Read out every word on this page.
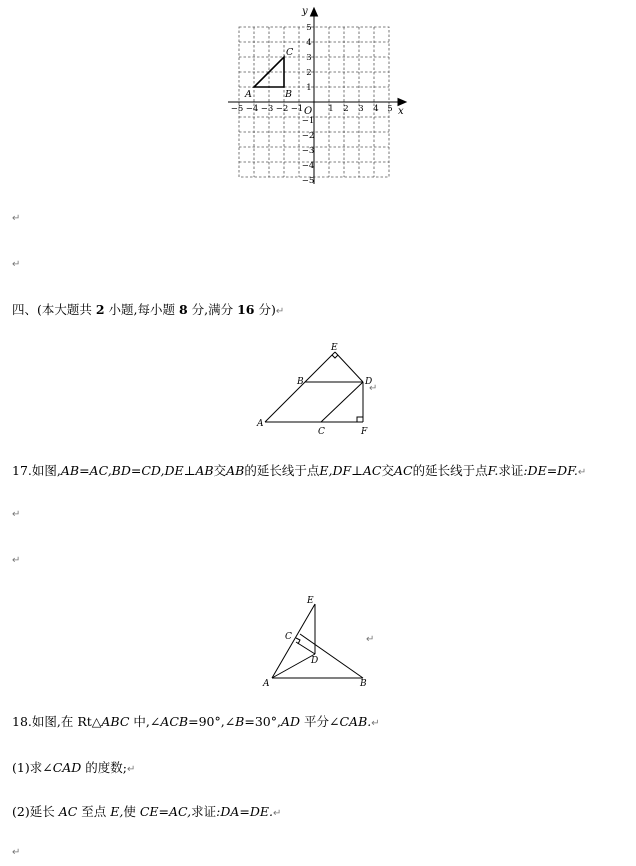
x
y
O
−5 −4 −3 −2 −1	1 2 3 4 5
5
4
3
2
1
−1
−2
−3
−4
−5
A	B
C
↵
↵
四、(本大题共 2 小题,每小题 8 分,满分 16 分)↵
E
B	D
A
C	F
↵
17.如图,AB=AC,BD=CD,DE⊥AB交AB的延长线于点E,DF⊥AC交AC的延长线于点F.求证:DE=DF.↵
↵
↵
E
C
D
A	B
↵
18.如图,在 Rt△ABC 中,∠ACB=90°,∠B=30°,AD 平分∠CAB.↵
(1)求∠CAD 的度数;↵
(2)延长 AC 至点 E,使 CE=AC,求证:DA=DE.↵
↵
